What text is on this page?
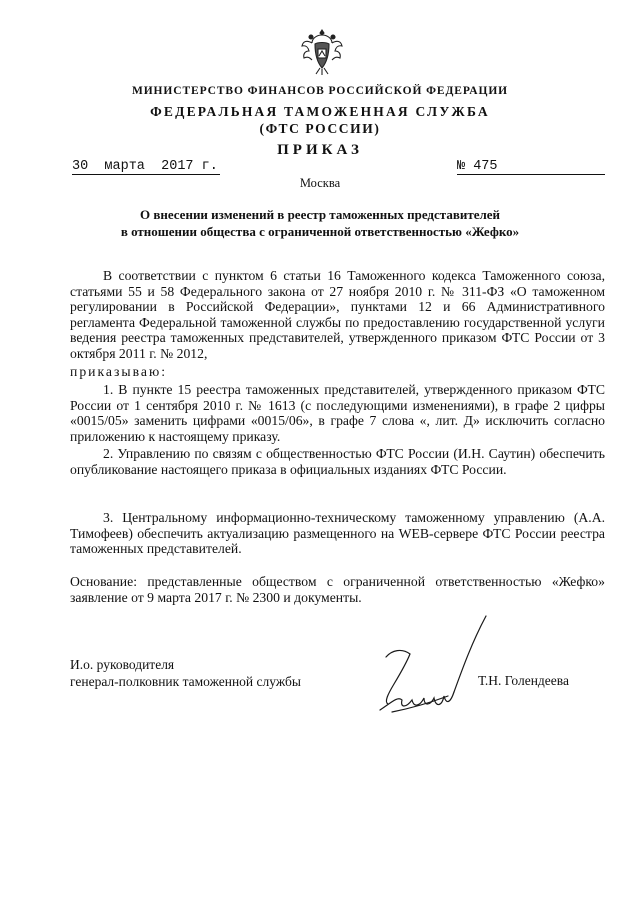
МИНИСТЕРСТВО ФИНАНСОВ РОССИЙСКОЙ ФЕДЕРАЦИИ
ФЕДЕРАЛЬНАЯ ТАМОЖЕННАЯ СЛУЖБА
(ФТС РОССИИ)
ПРИКАЗ
30  марта  2017 г.	№ 475
Москва
О внесении изменений в реестр таможенных представителей
в отношении общества с ограниченной ответственностью «Жефко»
В соответствии с пунктом 6 статьи 16 Таможенного кодекса Таможенного союза, статьями 55 и 58 Федерального закона от 27 ноября 2010 г. № 311-ФЗ «О таможенном регулировании в Российской Федерации», пунктами 12 и 66 Административного регламента Федеральной таможенной службы по предоставлению государственной услуги ведения реестра таможенных представителей, утвержденного приказом ФТС России от 3 октября 2011 г. № 2012,
приказываю:
1. В пункте 15 реестра таможенных представителей, утвержденного приказом ФТС России от 1 сентября 2010 г. № 1613 (с последующими изменениями), в графе 2 цифры «0015/05» заменить цифрами «0015/06», в графе 7 слова «, лит. Д» исключить согласно приложению к настоящему приказу.
2. Управлению по связям с общественностью ФТС России (И.Н. Саутин) обеспечить опубликование настоящего приказа в официальных изданиях ФТС России.
3. Центральному информационно-техническому таможенному управлению (А.А. Тимофеев) обеспечить актуализацию размещенного на WEB-сервере ФТС России реестра таможенных представителей.
Основание: представленные обществом с ограниченной ответственностью «Жефко» заявление от 9 марта 2017 г. № 2300 и документы.
И.о. руководителя
генерал-полковник таможенной службы	Т.Н. Голендеева
